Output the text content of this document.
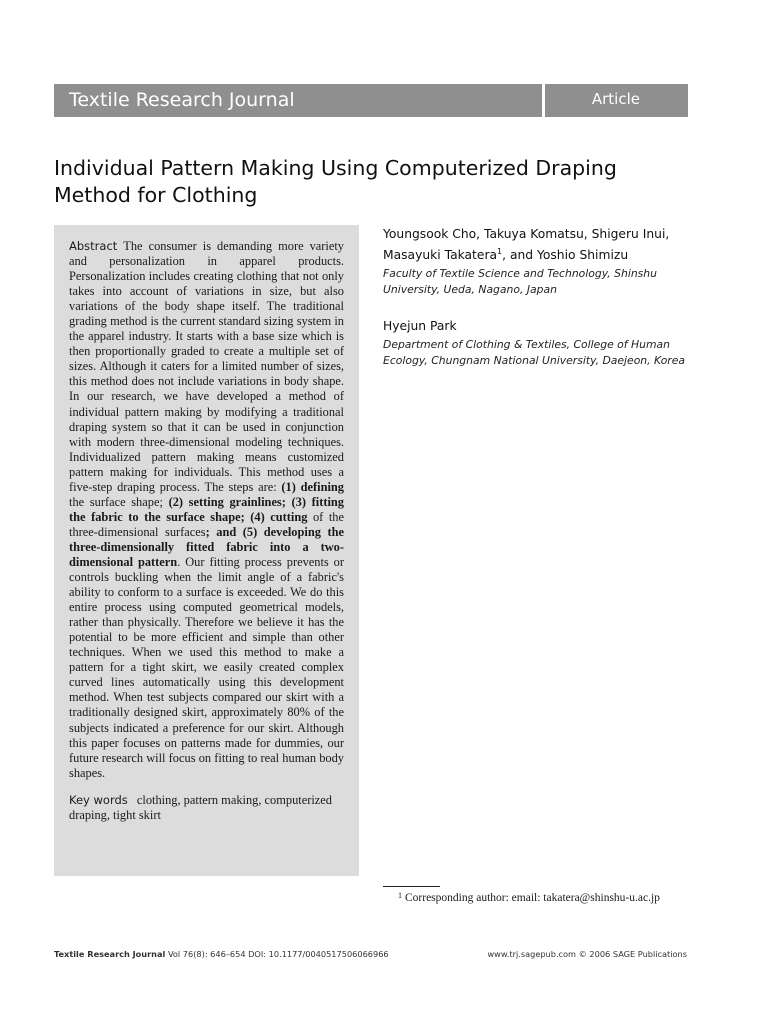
Textile Research Journal	Article
Individual Pattern Making Using Computerized Draping Method for Clothing

Abstract The consumer is demanding more variety and personalization in apparel products. Personalization includes creating clothing that not only takes into account of variations in size, but also variations of the body shape itself. The traditional grading method is the current standard sizing system in the apparel industry. It starts with a base size which is then proportionally graded to create a multiple set of sizes. Although it caters for a limited number of sizes, this method does not include variations in body shape. In our research, we have developed a method of individual pattern making by modifying a traditional draping system so that it can be used in conjunction with modern three-dimensional modeling techniques. Individualized pattern making means customized pattern making for individuals. This method uses a five-step draping process. The steps are: (1) defining the surface shape; (2) setting grainlines; (3) fitting the fabric to the surface shape; (4) cutting of the three-dimensional surfaces; and (5) developing the three-dimensionally fitted fabric into a two-dimensional pattern. Our fitting process prevents or controls buckling when the limit angle of a fabric's ability to conform to a surface is exceeded. We do this entire process using computed geometrical models, rather than physically. Therefore we believe it has the potential to be more efficient and simple than other techniques. When we used this method to make a pattern for a tight skirt, we easily created complex curved lines automatically using this development method. When test subjects compared our skirt with a traditionally designed skirt, approximately 80% of the subjects indicated a preference for our skirt. Although this paper focuses on patterns made for dummies, our future research will focus on fitting to real human body shapes.

Key words clothing, pattern making, computerized draping, tight skirt

Youngsook Cho, Takuya Komatsu, Shigeru Inui, Masayuki Takatera$^1$, and Yoshio Shimizu
Faculty of Textile Science and Technology, Shinshu University, Ueda, Nagano, Japan
Hyejun Park
Department of Clothing & Textiles, College of Human Ecology, Chungnam National University, Daejeon, Korea
$^1$ Corresponding author: email: takatera@shinshu-u.ac.jp
Textile Research Journal Vol 76(8): 646–654 DOI: 10.1177/0040517506066966	www.trj.sagepub.com © 2006 SAGE Publications
